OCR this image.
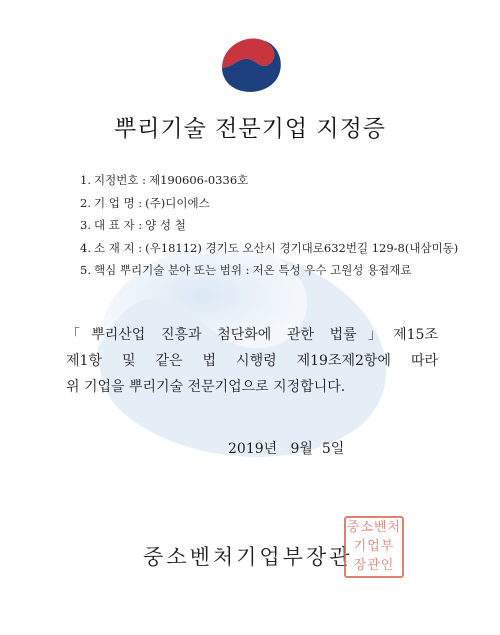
뿌리기술 전문기업 지정증
1. 지정번호 : 제190606-0336호
2. 기 업 명 : (주)디이에스
3. 대 표 자 : 양 성 철
4. 소 재 지 : (우18112) 경기도 오산시 경기대로632번길 129-8(내삼미동)
5. 핵심 뿌리기술 분야 또는 범위 : 저온 특성 우수 고원성 용접재료

「뿌리산업 진흥과 첨단화에 관한 법률」제15조
제1항 및 같은 법 시행령 제19조제2항에 따라
위 기업을 뿌리기술 전문기업으로 지정합니다.

2019년   9월  5일
중소벤처기업부장관
중소벤처
기업부
장관인
